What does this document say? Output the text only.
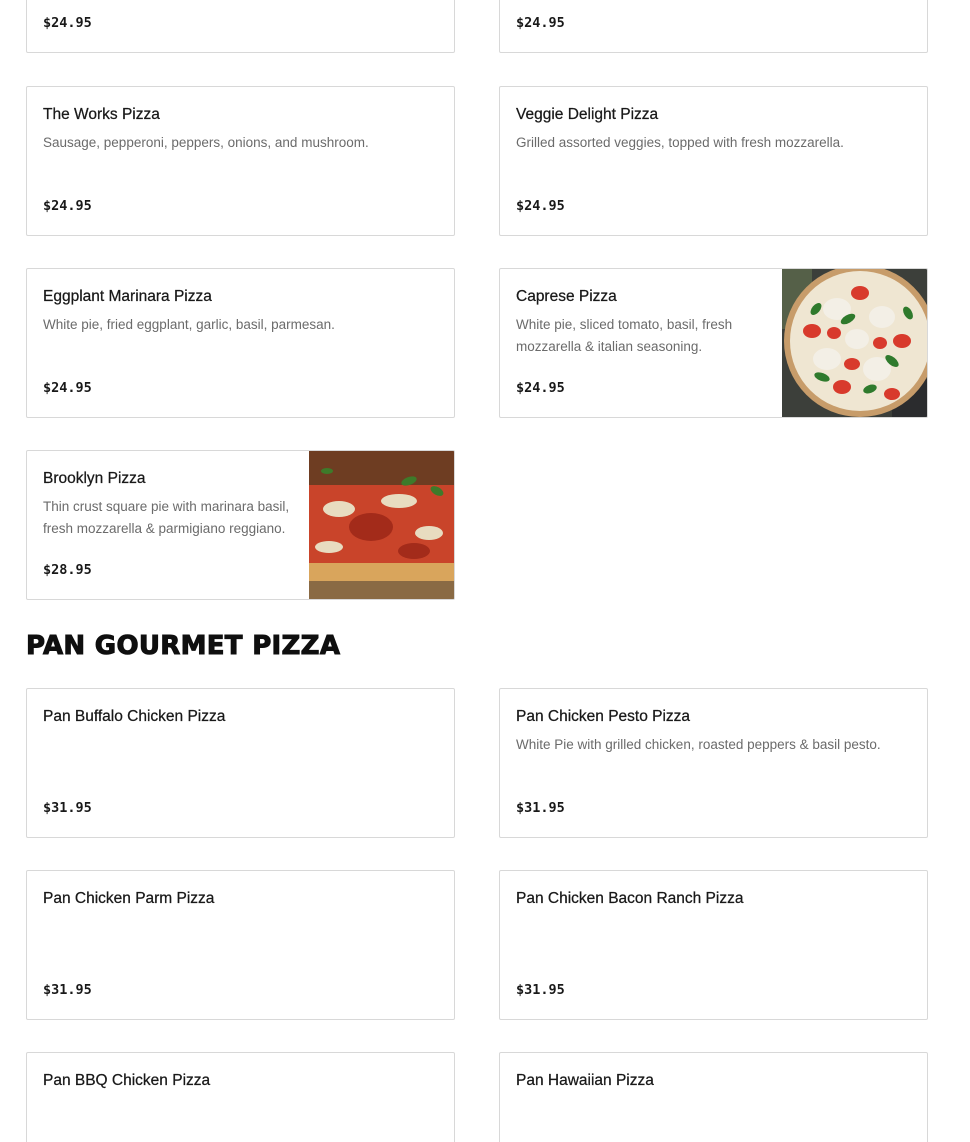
$24.95	$24.95
The Works Pizza
Sausage, pepperoni, peppers, onions, and mushroom.
$24.95
Veggie Delight Pizza
Grilled assorted veggies, topped with fresh mozzarella.
$24.95
Eggplant Marinara Pizza
White pie, fried eggplant, garlic, basil, parmesan.
$24.95
Caprese Pizza
White pie, sliced tomato, basil, fresh mozzarella & italian seasoning.
$24.95
Brooklyn Pizza
Thin crust square pie with marinara basil, fresh mozzarella & parmigiano reggiano.
$28.95
PAN GOURMET PIZZA
Pan Buffalo Chicken Pizza
$31.95
Pan Chicken Pesto Pizza
White Pie with grilled chicken, roasted peppers & basil pesto.
$31.95
Pan Chicken Parm Pizza
$31.95
Pan Chicken Bacon Ranch Pizza
$31.95
Pan BBQ Chicken Pizza	Pan Hawaiian Pizza
